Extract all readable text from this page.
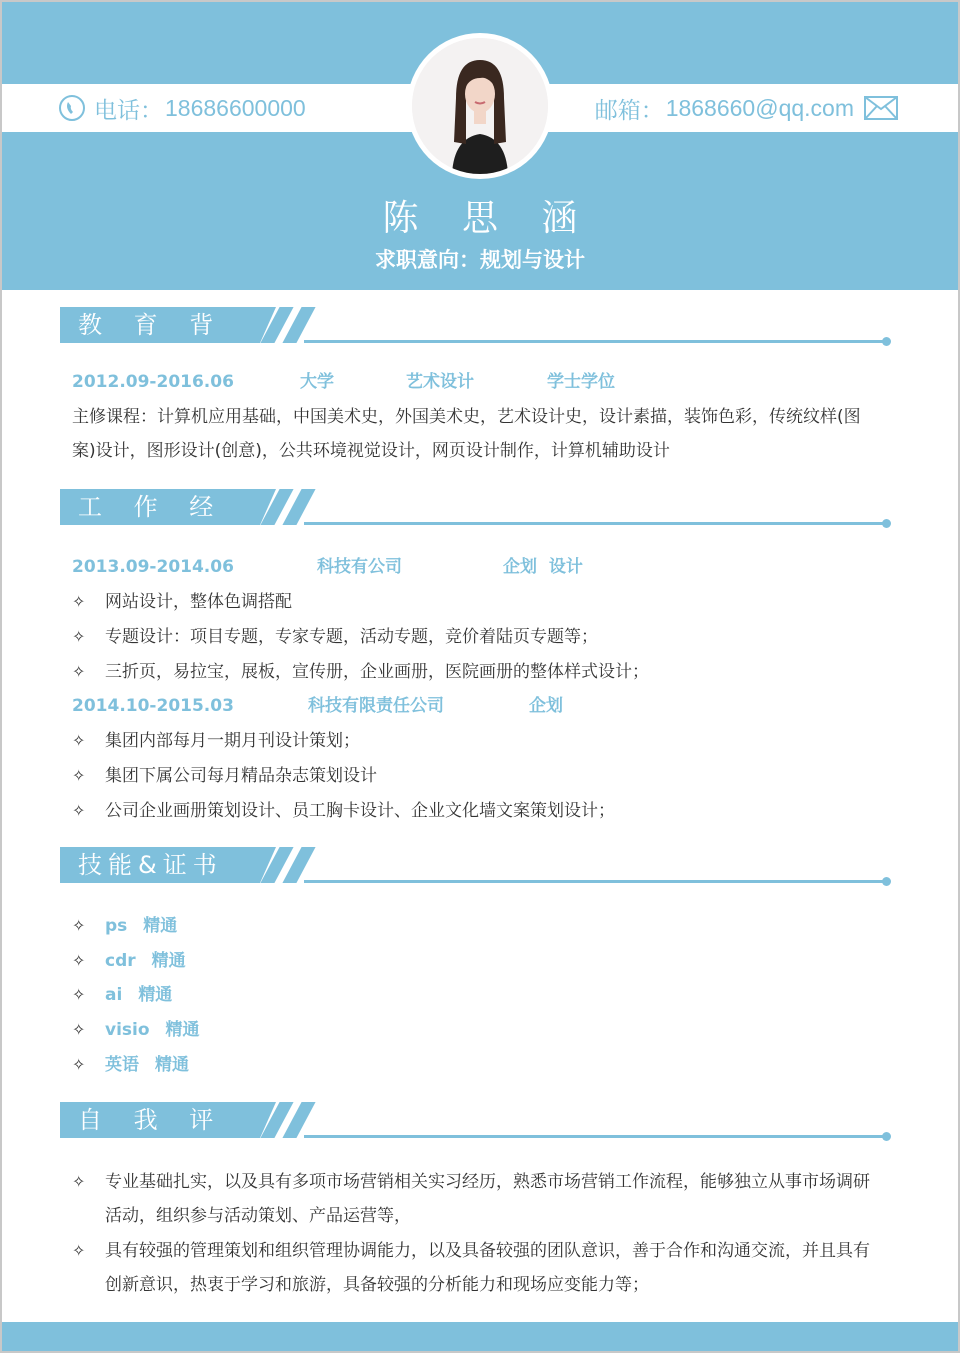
电话： 18686600000	邮箱： 1868660@qq.com
陈 思 涵
求职意向：规划与设计
教 育 背 景
2012.09-2016.06	大学	艺术设计	学士学位
主修课程：计算机应用基础，中国美术史，外国美术史，艺术设计史，设计素描，装饰色彩，传统纹样(图案)设计，图形设计(创意)，公共环境视觉设计，网页设计制作，计算机辅助设计
工 作 经 历
2013.09-2014.06	科技有公司	企划  设计
✧ 网站设计，整体色调搭配
✧ 专题设计：项目专题，专家专题，活动专题，竞价着陆页专题等；
✧ 三折页，易拉宝，展板，宣传册，企业画册，医院画册的整体样式设计；
2014.10-2015.03	科技有限责任公司	企划
✧ 集团内部每月一期月刊设计策划；
✧ 集团下属公司每月精品杂志策划设计
✧ 公司企业画册策划设计、员工胸卡设计、企业文化墙文案策划设计；
技能&证书
✧ ps 精通
✧ cdr 精通
✧ ai 精通
✧ visio 精通
✧ 英语 精通
自 我 评 价
✧ 专业基础扎实，以及具有多项市场营销相关实习经历，熟悉市场营销工作流程，能够独立从事市场调研活动，组织参与活动策划、产品运营等，
✧ 具有较强的管理策划和组织管理协调能力，以及具备较强的团队意识，善于合作和沟通交流，并且具有创新意识，热衷于学习和旅游，具备较强的分析能力和现场应变能力等；
